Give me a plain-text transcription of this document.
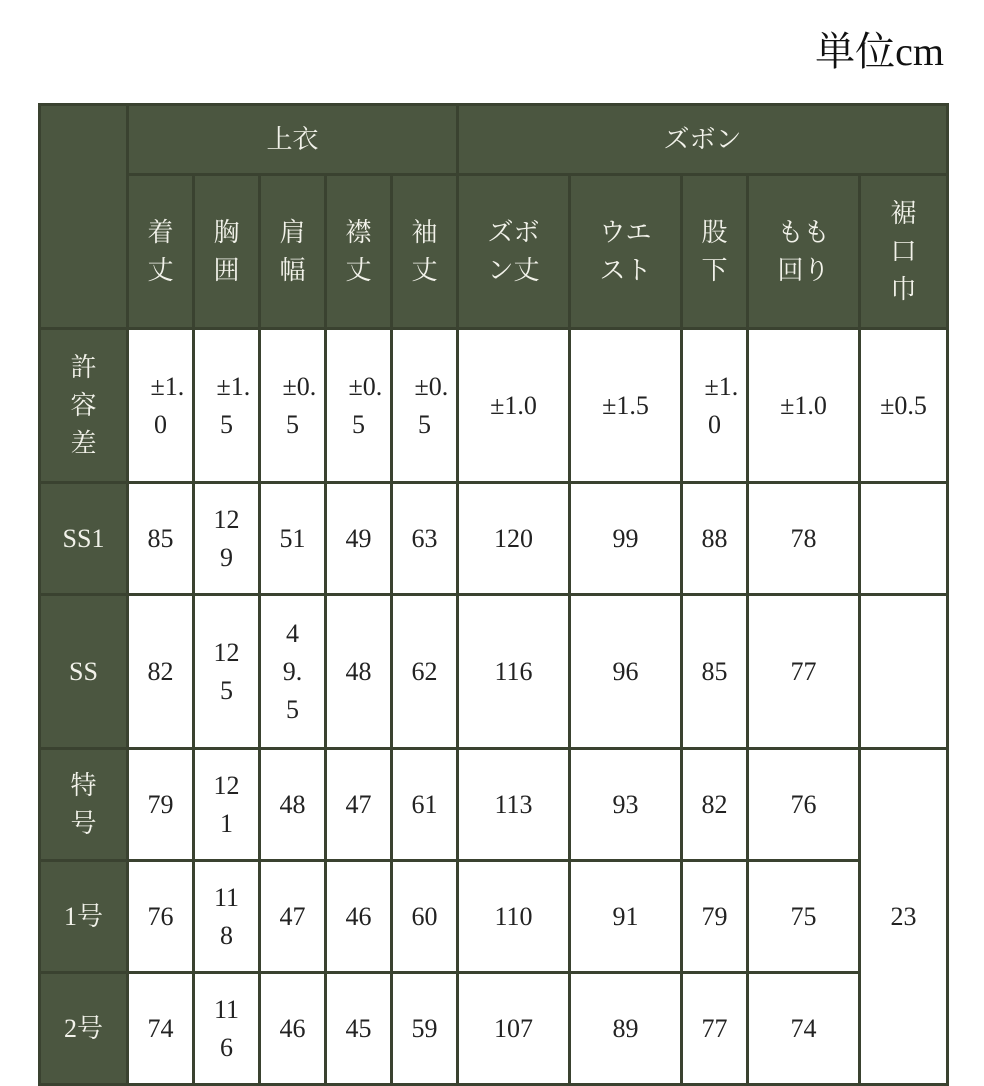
単位cm
	上衣					ズボン				
	着丈	胸囲	肩幅	襟丈	袖丈	ズボン丈	ウエスト	股下	もも回り	裾口巾
許容差	±1.0	±1.5	±0.5	±0.5	±0.5	±1.0	±1.5	±1.0	±1.0	±0.5
SS1	85	129	51	49	63	120	99	88	78	
SS	82	125	49.5	48	62	116	96	85	77	
特号	79	121	48	47	61	113	93	82	76	23
1号	76	118	47	46	60	110	91	79	75	
2号	74	116	46	45	59	107	89	77	74	
